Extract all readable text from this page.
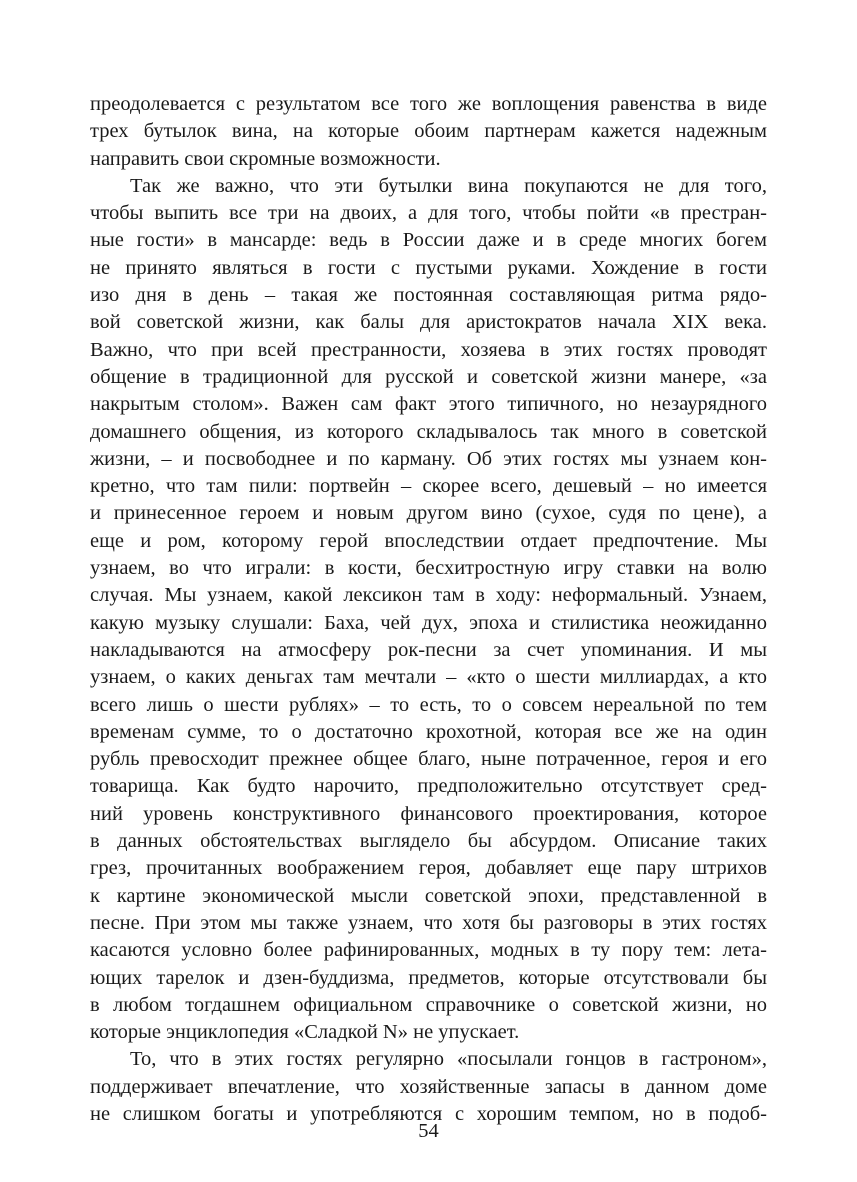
преодолевается с результатом все того же воплощения равенства в виде
трех бутылок вина, на которые обоим партнерам кажется надежным
направить свои скромные возможности.
Так же важно, что эти бутылки вина покупаются не для того,
чтобы выпить все три на двоих, а для того, чтобы пойти «в престран-
ные гости» в мансарде: ведь в России даже и в среде многих богем
не принято являться в гости с пустыми руками. Хождение в гости
изо дня в день – такая же постоянная составляющая ритма рядо-
вой советской жизни, как балы для аристократов начала XIX века.
Важно, что при всей престранности, хозяева в этих гостях проводят
общение в традиционной для русской и советской жизни манере, «за
накрытым столом». Важен сам факт этого типичного, но незаурядного
домашнего общения, из которого складывалось так много в советской
жизни, – и посвободнее и по карману. Об этих гостях мы узнаем кон-
кретно, что там пили: портвейн – скорее всего, дешевый – но имеется
и принесенное героем и новым другом вино (сухое, судя по цене), а
еще и ром, которому герой впоследствии отдает предпочтение. Мы
узнаем, во что играли: в кости, бесхитростную игру ставки на волю
случая. Мы узнаем, какой лексикон там в ходу: неформальный. Узнаем,
какую музыку слушали: Баха, чей дух, эпоха и стилистика неожиданно
накладываются на атмосферу рок-песни за счет упоминания. И мы
узнаем, о каких деньгах там мечтали – «кто о шести миллиардах, а кто
всего лишь о шести рублях» – то есть, то о совсем нереальной по тем
временам сумме, то о достаточно крохотной, которая все же на один
рубль превосходит прежнее общее благо, ныне потраченное, героя и его
товарища. Как будто нарочито, предположительно отсутствует сред-
ний уровень конструктивного финансового проектирования, которое
в данных обстоятельствах выглядело бы абсурдом. Описание таких
грез, прочитанных воображением героя, добавляет еще пару штрихов
к картине экономической мысли советской эпохи, представленной в
песне. При этом мы также узнаем, что хотя бы разговоры в этих гостях
касаются условно более рафинированных, модных в ту пору тем: лета-
ющих тарелок и дзен-буддизма, предметов, которые отсутствовали бы
в любом тогдашнем официальном справочнике о советской жизни, но
которые энциклопедия «Сладкой N» не упускает.
То, что в этих гостях регулярно «посылали гонцов в гастроном»,
поддерживает впечатление, что хозяйственные запасы в данном доме
не слишком богаты и употребляются с хорошим темпом, но в подоб-
54
